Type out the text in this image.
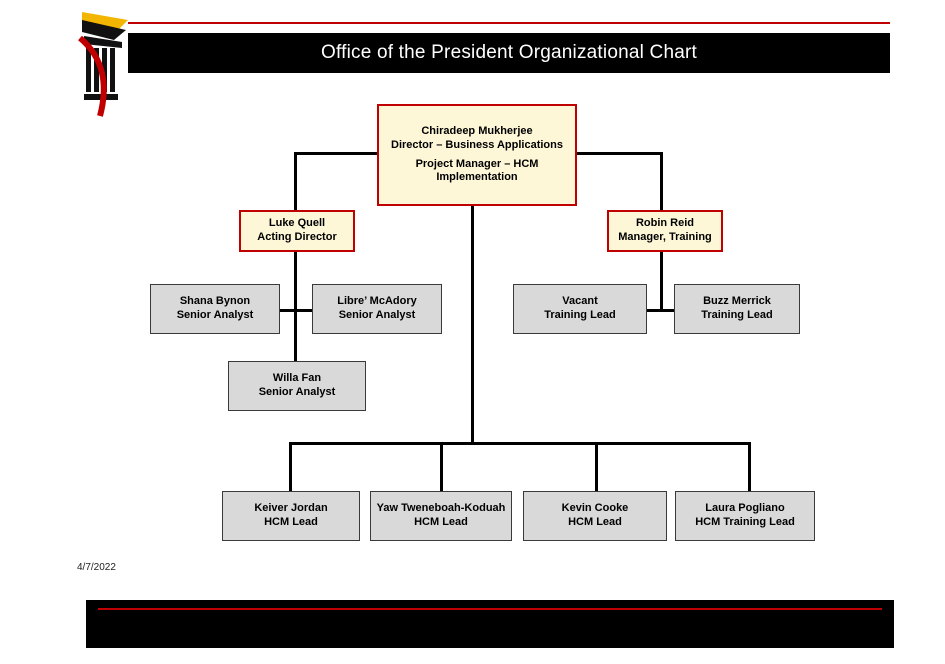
Office of the President Organizational Chart
Chiradeep Mukherjee
Director – Business Applications
Project Manager – HCM Implementation
Luke Quell
Acting Director
Robin Reid
Manager, Training
Shana Bynon
Senior Analyst
Libre’ McAdory
Senior Analyst
Willa Fan
Senior Analyst
Vacant
Training Lead
Buzz Merrick
Training Lead
Keiver Jordan
HCM Lead
Yaw Tweneboah-Koduah
HCM Lead
Kevin Cooke
HCM Lead
Laura Pogliano
HCM Training Lead
4/7/2022
